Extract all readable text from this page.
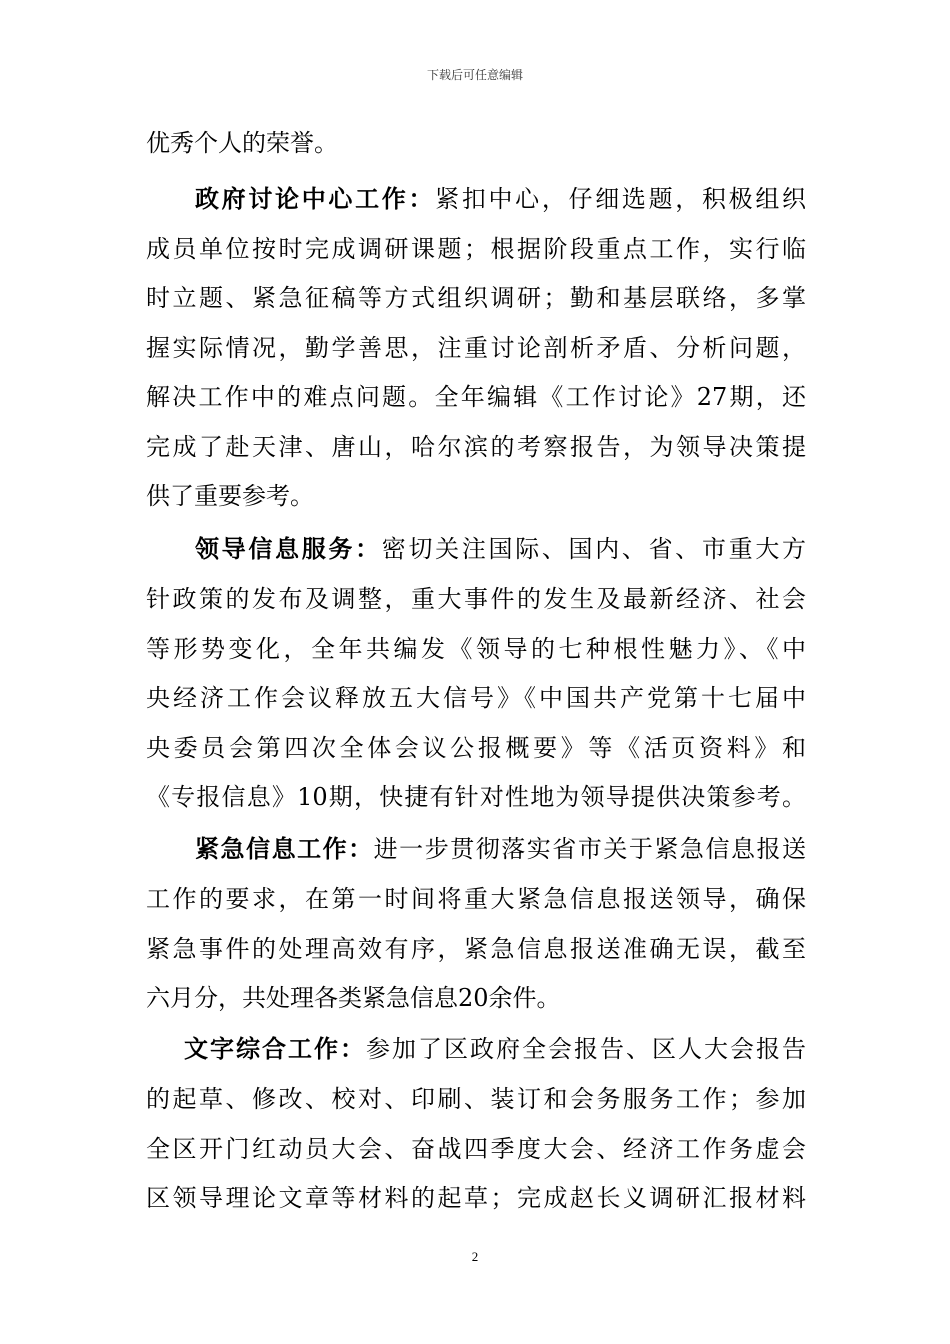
下载后可任意编辑
优秀个人的荣誉。
政府讨论中心工作：紧扣中心，仔细选题，积极组织
成员单位按时完成调研课题；根据阶段重点工作，实行临
时立题、紧急征稿等方式组织调研；勤和基层联络，多掌
握实际情况，勤学善思，注重讨论剖析矛盾、分析问题，
解决工作中的难点问题。全年编辑《工作讨论》27期，还
完成了赴天津、唐山，哈尔滨的考察报告，为领导决策提
供了重要参考。
领导信息服务：密切关注国际、国内、省、市重大方
针政策的发布及调整，重大事件的发生及最新经济、社会
等形势变化，全年共编发《领导的七种根性魅力》、《中
央经济工作会议释放五大信号》《中国共产党第十七届中
央委员会第四次全体会议公报概要》等《活页资料》和
《专报信息》10期，快捷有针对性地为领导提供决策参考。
紧急信息工作：进一步贯彻落实省市关于紧急信息报送
工作的要求，在第一时间将重大紧急信息报送领导，确保
紧急事件的处理高效有序，紧急信息报送准确无误，截至
六月分，共处理各类紧急信息20余件。
文字综合工作：参加了区政府全会报告、区人大会报告
的起草、修改、校对、印刷、装订和会务服务工作；参加
全区开门红动员大会、奋战四季度大会、经济工作务虚会
区领导理论文章等材料的起草；完成赵长义调研汇报材料
2
